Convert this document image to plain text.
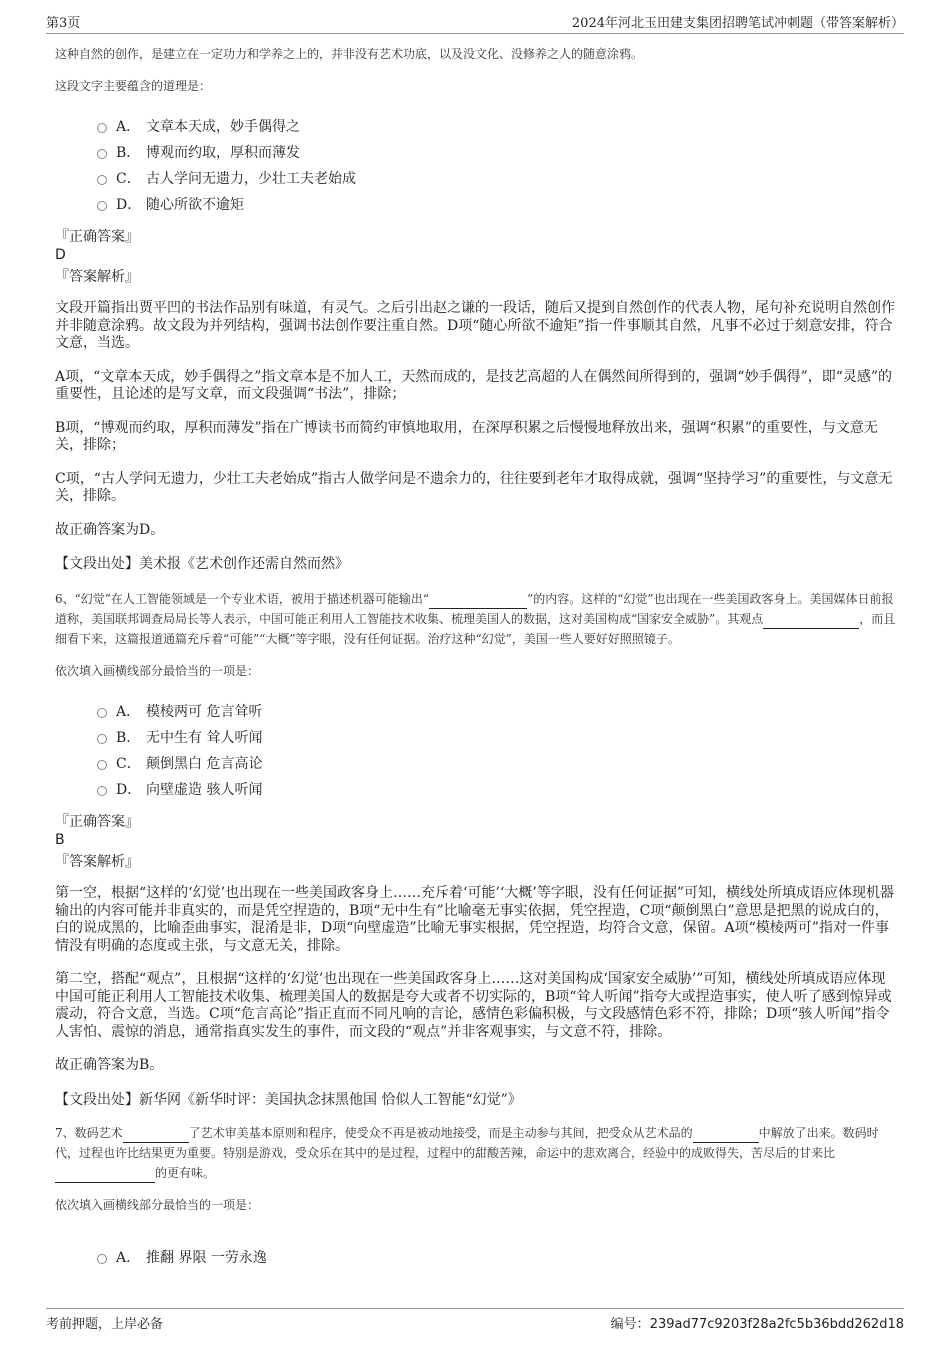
第3页	2024年河北玉田建支集团招聘笔试冲刺题（带答案解析）

这种自然的创作，是建立在一定功力和学养之上的，并非没有艺术功底，以及没文化、没修养之人的随意涂鸦。

这段文字主要蕴含的道理是：

A． 文章本天成，妙手偶得之
B． 博观而约取，厚积而薄发
C． 古人学问无遗力，少壮工夫老始成
D． 随心所欲不逾矩
『正确答案』
D
『答案解析』

文段开篇指出贾平凹的书法作品别有味道，有灵气。之后引出赵之谦的一段话，随后又提到自然创作的代表人物，尾句补充说明自然创作并非随意涂鸦。故文段为并列结构，强调书法创作要注重自然。D项“随心所欲不逾矩”指一件事顺其自然，凡事不必过于刻意安排，符合文意，当选。

A项，“文章本天成，妙手偶得之”指文章本是不加人工，天然而成的，是技艺高超的人在偶然间所得到的，强调“妙手偶得”，即“灵感”的重要性，且论述的是写文章，而文段强调“书法”，排除；

B项，“博观而约取，厚积而薄发”指在广博读书而简约审慎地取用，在深厚积累之后慢慢地释放出来，强调“积累”的重要性，与文意无关，排除；

C项，“古人学问无遗力，少壮工夫老始成”指古人做学问是不遗余力的，往往要到老年才取得成就，强调“坚持学习”的重要性，与文意无关，排除。

故正确答案为D。

【文段出处】美术报《艺术创作还需自然而然》

6、“幻觉”在人工智能领域是一个专业术语，被用于描述机器可能输出“	”的内容。这样的“幻觉”也出现在一些美国政客身上。美国媒体日前报道称，美国联邦调查局局长等人表示，中国可能正利用人工智能技术收集、梳理美国人的数据，这对美国构成“国家安全威胁”。其观点	，而且细看下来，这篇报道通篇充斥着“可能”“大概”等字眼，没有任何证据。治疗这种“幻觉”，美国一些人要好好照照镜子。

依次填入画横线部分最恰当的一项是：

A． 模棱两可 危言耸听
B． 无中生有 耸人听闻
C． 颠倒黑白 危言高论
D． 向壁虚造 骇人听闻
『正确答案』
B
『答案解析』

第一空，根据“这样的‘幻觉’也出现在一些美国政客身上……充斥着‘可能’‘大概’等字眼，没有任何证据”可知，横线处所填成语应体现机器输出的内容可能并非真实的，而是凭空捏造的，B项“无中生有”比喻毫无事实依据，凭空捏造，C项“颠倒黑白”意思是把黑的说成白的，白的说成黑的，比喻歪曲事实，混淆是非，D项“向壁虚造”比喻无事实根据，凭空捏造，均符合文意，保留。A项“模棱两可”指对一件事情没有明确的态度或主张，与文意无关，排除。

第二空，搭配“观点”，且根据“这样的‘幻觉’也出现在一些美国政客身上……这对美国构成‘国家安全威胁’”可知，横线处所填成语应体现中国可能正利用人工智能技术收集、梳理美国人的数据是夸大或者不切实际的，B项“耸人听闻”指夸大或捏造事实，使人听了感到惊异或震动，符合文意，当选。C项“危言高论”指正直而不同凡响的言论，感情色彩偏积极，与文段感情色彩不符，排除；D项“骇人听闻”指令人害怕、震惊的消息，通常指真实发生的事件，而文段的“观点”并非客观事实，与文意不符，排除。

故正确答案为B。

【文段出处】新华网《新华时评：美国执念抹黑他国 恰似人工智能“幻觉”》

7、数码艺术	了艺术审美基本原则和程序，使受众不再是被动地接受，而是主动参与其间，把受众从艺术品的	中解放了出来。数码时代，过程也许比结果更为重要。特别是游戏，受众乐在其中的是过程，过程中的甜酸苦辣，命运中的悲欢离合，经验中的成败得失，苦尽后的甘来比的更有味。

依次填入画横线部分最恰当的一项是：

A． 推翻 界限 一劳永逸
考前押题，上岸必备	编号：239ad77c9203f28a2fc5b36bdd262d18
